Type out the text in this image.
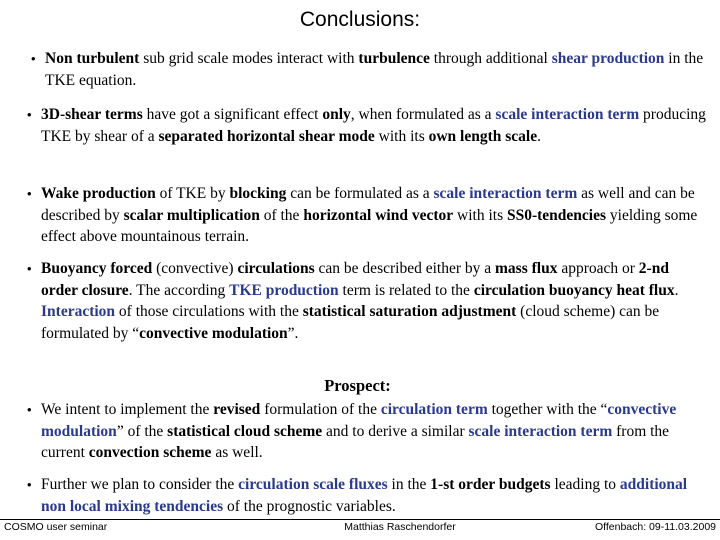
Conclusions:
• Non turbulent sub grid scale modes interact with turbulence through additional shear production in the TKE equation.
• 3D-shear terms have got a significant effect only, when formulated as a scale interaction term producing TKE by shear of a separated horizontal shear mode with its own length scale.
• Wake production of TKE by blocking can be formulated as a scale interaction term as well and can be described by scalar multiplication of the horizontal wind vector with its SS0-tendencies yielding some effect above mountainous terrain.
• Buoyancy forced (convective) circulations can be described either by a mass flux approach or 2-nd order closure. The according TKE production term is related to the circulation buoyancy heat flux.
Interaction of those circulations with the statistical saturation adjustment (cloud scheme) can be formulated by “convective modulation”.
Prospect:
• We intent to implement the revised formulation of the circulation term together with the “convective modulation” of the statistical cloud scheme and to derive a similar scale interaction term from the current convection scheme as well.
• Further we plan to consider the circulation scale fluxes in the 1-st order budgets leading to additional non local mixing tendencies of the prognostic variables.
COSMO user seminar	Matthias Raschendorfer	Offenbach: 09-11.03.2009
